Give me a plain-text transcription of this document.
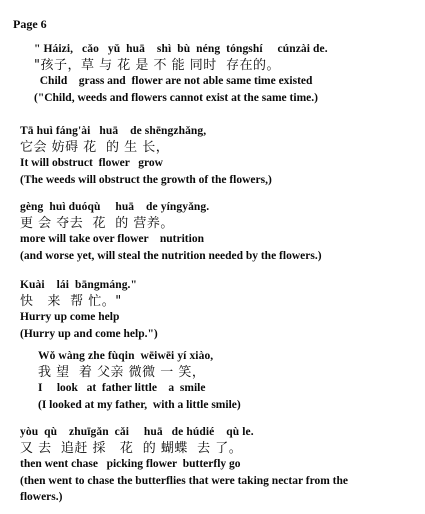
Page 6
" Háizi,   cǎo   yǔ  huā    shì  bù  néng  tóngshí     cúnzài de.
"孩子，草 与 花 是 不 能 同时  存在的。
Child    grass and  flower are not able same time existed
("Child, weeds and flowers cannot exist at the same time.)
Tā huì fáng'ài   huā    de shēngzhǎng,
它会 妨碍 花  的 生 长，
It will obstruct  flower   grow
(The weeds will obstruct the growth of the flowers,)
gèng  huì duóqù     huā    de yíngyǎng.
更 会 夺去  花  的 营养。
more will take over flower    nutrition
(and worse yet, will steal the nutrition needed by the flowers.)
Kuài    lái  bāngmáng."
快   来  帮 忙。"
Hurry up come help
(Hurry up and come help.")
Wǒ wàng zhe fùqin  wēiwēi yí xiào,
我 望  着 父亲 微微 一 笑，
I     look   at  father little    a  smile
(I looked at my father,  with a little smile)
yòu  qù    zhuīgǎn  cǎi     huā   de húdié    qù le.
又 去  追赶 採   花  的 蝴蝶  去 了。
then went chase   picking flower  butterfly go
(then went to chase the butterflies that were taking nectar from the
flowers.)
